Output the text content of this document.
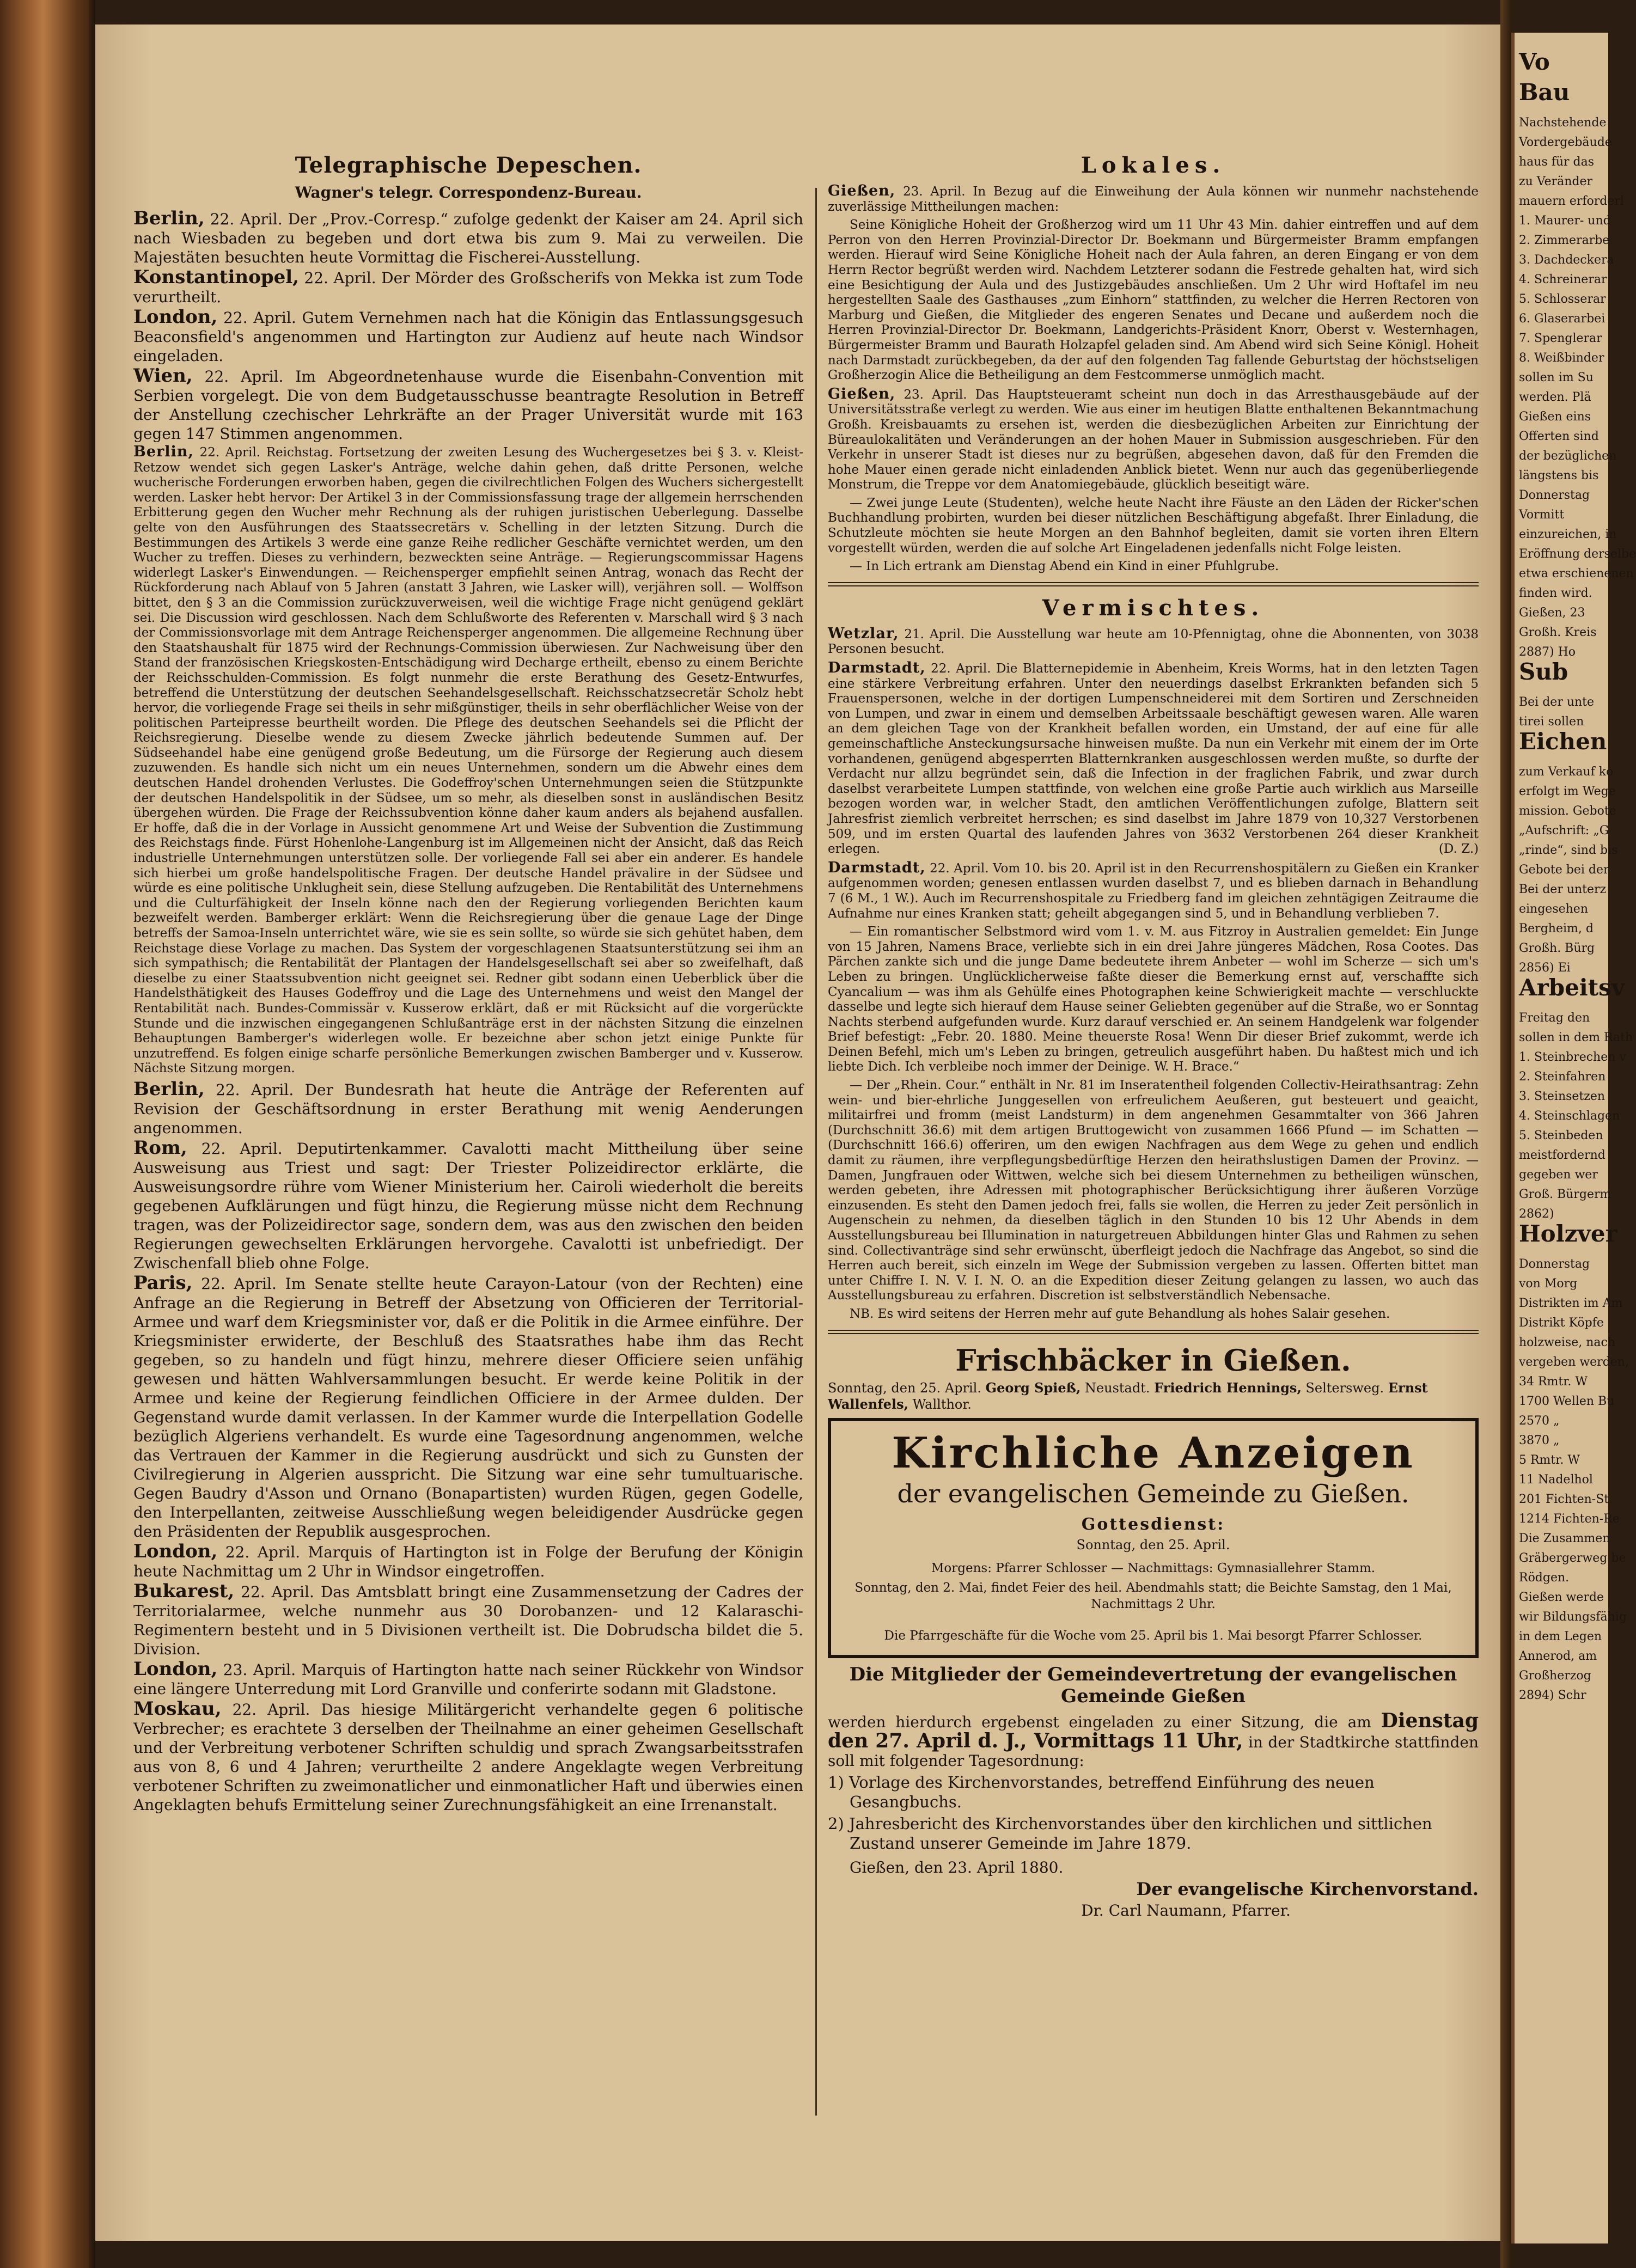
Telegraphische Depeschen.
Wagner's telegr. Correspondenz-Bureau.

Berlin, 22. April. Der „Prov.-Corresp.“ zufolge gedenkt der Kaiser am 24. April sich nach Wiesbaden zu begeben und dort etwa bis zum 9. Mai zu verweilen. Die Majestäten besuchten heute Vormittag die Fischerei-Ausstellung.

Konstantinopel, 22. April. Der Mörder des Großscherifs von Mekka ist zum Tode verurtheilt.

London, 22. April. Gutem Vernehmen nach hat die Königin das Entlassungsgesuch Beaconsfield's angenommen und Hartington zur Audienz auf heute nach Windsor eingeladen.

Wien, 22. April. Im Abgeordnetenhause wurde die Eisenbahn-Convention mit Serbien vorgelegt. Die von dem Budgetausschusse beantragte Resolution in Betreff der Anstellung czechischer Lehrkräfte an der Prager Universität wurde mit 163 gegen 147 Stimmen angenommen.

Berlin, 22. April. Reichstag. Fortsetzung der zweiten Lesung des Wuchergesetzes bei § 3. v. Kleist-Retzow wendet sich gegen Lasker's Anträge, welche dahin gehen, daß dritte Personen, welche wucherische Forderungen erworben haben, gegen die civilrechtlichen Folgen des Wuchers sichergestellt werden. Lasker hebt hervor: Der Artikel 3 in der Commissionsfassung trage der allgemein herrschenden Erbitterung gegen den Wucher mehr Rechnung als der ruhigen juristischen Ueberlegung. Dasselbe gelte von den Ausführungen des Staatssecretärs v. Schelling in der letzten Sitzung. Durch die Bestimmungen des Artikels 3 werde eine ganze Reihe redlicher Geschäfte vernichtet werden, um den Wucher zu treffen. Dieses zu verhindern, bezweckten seine Anträge. — Regierungscommissar Hagens widerlegt Lasker's Einwendungen. — Reichensperger empfiehlt seinen Antrag, wonach das Recht der Rückforderung nach Ablauf von 5 Jahren (anstatt 3 Jahren, wie Lasker will), verjähren soll. — Wolffson bittet, den § 3 an die Commission zurückzuverweisen, weil die wichtige Frage nicht genügend geklärt sei. Die Discussion wird geschlossen. Nach dem Schlußworte des Referenten v. Marschall wird § 3 nach der Commissionsvorlage mit dem Antrage Reichensperger angenommen. Die allgemeine Rechnung über den Staatshaushalt für 1875 wird der Rechnungs-Commission überwiesen. Zur Nachweisung über den Stand der französischen Kriegskosten-Entschädigung wird Decharge ertheilt, ebenso zu einem Berichte der Reichsschulden-Commission. Es folgt nunmehr die erste Berathung des Gesetz-Entwurfes, betreffend die Unterstützung der deutschen Seehandelsgesellschaft. Reichsschatzsecretär Scholz hebt hervor, die vorliegende Frage sei theils in sehr mißgünstiger, theils in sehr oberflächlicher Weise von der politischen Parteipresse beurtheilt worden. Die Pflege des deutschen Seehandels sei die Pflicht der Reichsregierung. Dieselbe wende zu diesem Zwecke jährlich bedeutende Summen auf. Der Südseehandel habe eine genügend große Bedeutung, um die Fürsorge der Regierung auch diesem zuzuwenden. Es handle sich nicht um ein neues Unternehmen, sondern um die Abwehr eines dem deutschen Handel drohenden Verlustes. Die Godeffroy'schen Unternehmungen seien die Stützpunkte der deutschen Handelspolitik in der Südsee, um so mehr, als dieselben sonst in ausländischen Besitz übergehen würden. Die Frage der Reichssubvention könne daher kaum anders als bejahend ausfallen. Er hoffe, daß die in der Vorlage in Aussicht genommene Art und Weise der Subvention die Zustimmung des Reichstags finde. Fürst Hohenlohe-Langenburg ist im Allgemeinen nicht der Ansicht, daß das Reich industrielle Unternehmungen unterstützen solle. Der vorliegende Fall sei aber ein anderer. Es handele sich hierbei um große handelspolitische Fragen. Der deutsche Handel prävalire in der Südsee und würde es eine politische Unklugheit sein, diese Stellung aufzugeben. Die Rentabilität des Unternehmens und die Culturfähigkeit der Inseln könne nach den der Regierung vorliegenden Berichten kaum bezweifelt werden. Bamberger erklärt: Wenn die Reichsregierung über die genaue Lage der Dinge betreffs der Samoa-Inseln unterrichtet wäre, wie sie es sein sollte, so würde sie sich gehütet haben, dem Reichstage diese Vorlage zu machen. Das System der vorgeschlagenen Staatsunterstützung sei ihm an sich sympathisch; die Rentabilität der Plantagen der Handelsgesellschaft sei aber so zweifelhaft, daß dieselbe zu einer Staatssubvention nicht geeignet sei. Redner gibt sodann einen Ueberblick über die Handelsthätigkeit des Hauses Godeffroy und die Lage des Unternehmens und weist den Mangel der Rentabilität nach. Bundes-Commissär v. Kusserow erklärt, daß er mit Rücksicht auf die vorgerückte Stunde und die inzwischen eingegangenen Schlußanträge erst in der nächsten Sitzung die einzelnen Behauptungen Bamberger's widerlegen wolle. Er bezeichne aber schon jetzt einige Punkte für unzutreffend. Es folgen einige scharfe persönliche Bemerkungen zwischen Bamberger und v. Kusserow. Nächste Sitzung morgen.

Berlin, 22. April. Der Bundesrath hat heute die Anträge der Referenten auf Revision der Geschäftsordnung in erster Berathung mit wenig Aenderungen angenommen.

Rom, 22. April. Deputirtenkammer. Cavalotti macht Mittheilung über seine Ausweisung aus Triest und sagt: Der Triester Polizeidirector erklärte, die Ausweisungsordre rühre vom Wiener Ministerium her. Cairoli wiederholt die bereits gegebenen Aufklärungen und fügt hinzu, die Regierung müsse nicht dem Rechnung tragen, was der Polizeidirector sage, sondern dem, was aus den zwischen den beiden Regierungen gewechselten Erklärungen hervorgehe. Cavalotti ist unbefriedigt. Der Zwischenfall blieb ohne Folge.

Paris, 22. April. Im Senate stellte heute Carayon-Latour (von der Rechten) eine Anfrage an die Regierung in Betreff der Absetzung von Officieren der Territorial-Armee und warf dem Kriegsminister vor, daß er die Politik in die Armee einführe. Der Kriegsminister erwiderte, der Beschluß des Staatsrathes habe ihm das Recht gegeben, so zu handeln und fügt hinzu, mehrere dieser Officiere seien unfähig gewesen und hätten Wahlversammlungen besucht. Er werde keine Politik in der Armee und keine der Regierung feindlichen Officiere in der Armee dulden. Der Gegenstand wurde damit verlassen. In der Kammer wurde die Interpellation Godelle bezüglich Algeriens verhandelt. Es wurde eine Tagesordnung angenommen, welche das Vertrauen der Kammer in die Regierung ausdrückt und sich zu Gunsten der Civilregierung in Algerien ausspricht. Die Sitzung war eine sehr tumultuarische. Gegen Baudry d'Asson und Ornano (Bonapartisten) wurden Rügen, gegen Godelle, den Interpellanten, zeitweise Ausschließung wegen beleidigender Ausdrücke gegen den Präsidenten der Republik ausgesprochen.

London, 22. April. Marquis of Hartington ist in Folge der Berufung der Königin heute Nachmittag um 2 Uhr in Windsor eingetroffen.

Bukarest, 22. April. Das Amtsblatt bringt eine Zusammensetzung der Cadres der Territorialarmee, welche nunmehr aus 30 Dorobanzen- und 12 Kalaraschi-Regimentern besteht und in 5 Divisionen vertheilt ist. Die Dobrudscha bildet die 5. Division.

London, 23. April. Marquis of Hartington hatte nach seiner Rückkehr von Windsor eine längere Unterredung mit Lord Granville und conferirte sodann mit Gladstone.

Moskau, 22. April. Das hiesige Militärgericht verhandelte gegen 6 politische Verbrecher; es erachtete 3 derselben der Theilnahme an einer geheimen Gesellschaft und der Verbreitung verbotener Schriften schuldig und sprach Zwangsarbeitsstrafen aus von 8, 6 und 4 Jahren; verurtheilte 2 andere Angeklagte wegen Verbreitung verbotener Schriften zu zweimonatlicher und einmonatlicher Haft und überwies einen Angeklagten behufs Ermittelung seiner Zurechnungsfähigkeit an eine Irrenanstalt.

Lokales.

Gießen, 23. April. In Bezug auf die Einweihung der Aula können wir nunmehr nachstehende zuverlässige Mittheilungen machen:

Seine Königliche Hoheit der Großherzog wird um 11 Uhr 43 Min. dahier eintreffen und auf dem Perron von den Herren Provinzial-Director Dr. Boekmann und Bürgermeister Bramm empfangen werden. Hierauf wird Seine Königliche Hoheit nach der Aula fahren, an deren Eingang er von dem Herrn Rector begrüßt werden wird. Nachdem Letzterer sodann die Festrede gehalten hat, wird sich eine Besichtigung der Aula und des Justizgebäudes anschließen. Um 2 Uhr wird Hoftafel im neu hergestellten Saale des Gasthauses „zum Einhorn“ stattfinden, zu welcher die Herren Rectoren von Marburg und Gießen, die Mitglieder des engeren Senates und Decane und außerdem noch die Herren Provinzial-Director Dr. Boekmann, Landgerichts-Präsident Knorr, Oberst v. Westernhagen, Bürgermeister Bramm und Baurath Holzapfel geladen sind. Am Abend wird sich Seine Königl. Hoheit nach Darmstadt zurückbegeben, da der auf den folgenden Tag fallende Geburtstag der höchstseligen Großherzogin Alice die Betheiligung an dem Festcommerse unmöglich macht.

Gießen, 23. April. Das Hauptsteueramt scheint nun doch in das Arresthausgebäude auf der Universitätsstraße verlegt zu werden. Wie aus einer im heutigen Blatte enthaltenen Bekanntmachung Großh. Kreisbauamts zu ersehen ist, werden die diesbezüglichen Arbeiten zur Einrichtung der Büreaulokalitäten und Veränderungen an der hohen Mauer in Submission ausgeschrieben. Für den Verkehr in unserer Stadt ist dieses nur zu begrüßen, abgesehen davon, daß für den Fremden die hohe Mauer einen gerade nicht einladenden Anblick bietet. Wenn nur auch das gegenüberliegende Monstrum, die Treppe vor dem Anatomiegebäude, glücklich beseitigt wäre.

— Zwei junge Leute (Studenten), welche heute Nacht ihre Fäuste an den Läden der Ricker'schen Buchhandlung probirten, wurden bei dieser nützlichen Beschäftigung abgefaßt. Ihrer Einladung, die Schutzleute möchten sie heute Morgen an den Bahnhof begleiten, damit sie vorten ihren Eltern vorgestellt würden, werden die auf solche Art Eingeladenen jedenfalls nicht Folge leisten.

— In Lich ertrank am Dienstag Abend ein Kind in einer Pfuhlgrube.

Vermischtes.

Wetzlar, 21. April. Die Ausstellung war heute am 10-Pfennigtag, ohne die Abonnenten, von 3038 Personen besucht.

Darmstadt, 22. April. Die Blatternepidemie in Abenheim, Kreis Worms, hat in den letzten Tagen eine stärkere Verbreitung erfahren. Unter den neuerdings daselbst Erkrankten befanden sich 5 Frauenspersonen, welche in der dortigen Lumpenschneiderei mit dem Sortiren und Zerschneiden von Lumpen, und zwar in einem und demselben Arbeitssaale beschäftigt gewesen waren. Alle waren an dem gleichen Tage von der Krankheit befallen worden, ein Umstand, der auf eine für alle gemeinschaftliche Ansteckungsursache hinweisen mußte. Da nun ein Verkehr mit einem der im Orte vorhandenen, genügend abgesperrten Blatternkranken ausgeschlossen werden mußte, so durfte der Verdacht nur allzu begründet sein, daß die Infection in der fraglichen Fabrik, und zwar durch daselbst verarbeitete Lumpen stattfinde, von welchen eine große Partie auch wirklich aus Marseille bezogen worden war, in welcher Stadt, den amtlichen Veröffentlichungen zufolge, Blattern seit Jahresfrist ziemlich verbreitet herrschen; es sind daselbst im Jahre 1879 von 10,327 Verstorbenen 509, und im ersten Quartal des laufenden Jahres von 3632 Verstorbenen 264 dieser Krankheit erlegen.	(D. Z.)

Darmstadt, 22. April. Vom 10. bis 20. April ist in den Recurrenshospitälern zu Gießen ein Kranker aufgenommen worden; genesen entlassen wurden daselbst 7, und es blieben darnach in Behandlung 7 (6 M., 1 W.). Auch im Recurrenshospitale zu Friedberg fand im gleichen zehntägigen Zeitraume die Aufnahme nur eines Kranken statt; geheilt abgegangen sind 5, und in Behandlung verblieben 7.

— Ein romantischer Selbstmord wird vom 1. v. M. aus Fitzroy in Australien gemeldet: Ein Junge von 15 Jahren, Namens Brace, verliebte sich in ein drei Jahre jüngeres Mädchen, Rosa Cootes. Das Pärchen zankte sich und die junge Dame bedeutete ihrem Anbeter — wohl im Scherze — sich um's Leben zu bringen. Unglücklicherweise faßte dieser die Bemerkung ernst auf, verschaffte sich Cyancalium — was ihm als Gehülfe eines Photographen keine Schwierigkeit machte — verschluckte dasselbe und legte sich hierauf dem Hause seiner Geliebten gegenüber auf die Straße, wo er Sonntag Nachts sterbend aufgefunden wurde. Kurz darauf verschied er. An seinem Handgelenk war folgender Brief befestigt: „Febr. 20. 1880. Meine theuerste Rosa! Wenn Dir dieser Brief zukommt, werde ich Deinen Befehl, mich um's Leben zu bringen, getreulich ausgeführt haben. Du haßtest mich und ich liebte Dich. Ich verbleibe noch immer der Deinige. W. H. Brace.“

— Der „Rhein. Cour.“ enthält in Nr. 81 im Inseratentheil folgenden Collectiv-Heirathsantrag: Zehn wein- und bier-ehrliche Junggesellen von erfreulichem Aeußeren, gut besteuert und geaicht, militairfrei und fromm (meist Landsturm) in dem angenehmen Gesammtalter von 366 Jahren (Durchschnitt 36.6) mit dem artigen Bruttogewicht von zusammen 1666 Pfund — im Schatten — (Durchschnitt 166.6) offeriren, um den ewigen Nachfragen aus dem Wege zu gehen und endlich damit zu räumen, ihre verpflegungsbedürftige Herzen den heirathslustigen Damen der Provinz. — Damen, Jungfrauen oder Wittwen, welche sich bei diesem Unternehmen zu betheiligen wünschen, werden gebeten, ihre Adressen mit photographischer Berücksichtigung ihrer äußeren Vorzüge einzusenden. Es steht den Damen jedoch frei, falls sie wollen, die Herren zu jeder Zeit persönlich in Augenschein zu nehmen, da dieselben täglich in den Stunden 10 bis 12 Uhr Abends in dem Ausstellungsbureau bei Illumination in naturgetreuen Abbildungen hinter Glas und Rahmen zu sehen sind. Collectivanträge sind sehr erwünscht, überfleigt jedoch die Nachfrage das Angebot, so sind die Herren auch bereit, sich einzeln im Wege der Submission vergeben zu lassen. Offerten bittet man unter Chiffre I. N. V. I. N. O. an die Expedition dieser Zeitung gelangen zu lassen, wo auch das Ausstellungsbureau zu erfahren. Discretion ist selbstverständlich Nebensache.

NB. Es wird seitens der Herren mehr auf gute Behandlung als hohes Salair gesehen.

Frischbäcker in Gießen.

Sonntag, den 25. April. Georg Spieß, Neustadt. Friedrich Hennings, Seltersweg. Ernst Wallenfels, Wallthor.

Kirchliche Anzeigen
der evangelischen Gemeinde zu Gießen.
Gottesdienst:
Sonntag, den 25. April.
Morgens: Pfarrer Schlosser — Nachmittags: Gymnasiallehrer Stamm.
Sonntag, den 2. Mai, findet Feier des heil. Abendmahls statt; die Beichte Samstag, den 1 Mai, Nachmittags 2 Uhr.
Die Pfarrgeschäfte für die Woche vom 25. April bis 1. Mai besorgt Pfarrer Schlosser.
Die Mitglieder der Gemeindevertretung der evangelischen Gemeinde Gießen

werden hierdurch ergebenst eingeladen zu einer Sitzung, die am Dienstag den 27. April d. J., Vormittags 11 Uhr, in der Stadtkirche stattfinden soll mit folgender Tagesordnung:

1) Vorlage des Kirchenvorstandes, betreffend Einführung des neuen Gesangbuchs.

2) Jahresbericht des Kirchenvorstandes über den kirchlichen und sittlichen Zustand unserer Gemeinde im Jahre 1879.

Gießen, den 23. April 1880.
Der evangelische Kirchenvorstand.
Dr. Carl Naumann, Pfarrer.
Vo
Bau
Nachstehende
Vordergebäude
haus für das
zu Veränder
mauern erforderl
1. Maurer- und
2. Zimmerarbe
3. Dachdeckera
4. Schreinerar
5. Schlosserar
6. Glaserarbei
7. Spenglerar
8. Weißbinder
sollen im Su
werden. Plä
Gießen eins
Offerten sind
der bezüglichen
längstens bis
Donnerstag
Vormitt
einzureichen, in
Eröffnung derselbe
etwa erschienenen
finden wird.
Gießen, 23
Großh. Kreis
2887) Ho
Sub
Bei der unte
tirei sollen
Eichen
zum Verkauf ko
erfolgt im Wege
mission. Gebote
„Aufschrift: „G
„rinde“, sind bis
Gebote bei der
Bei der unterz
eingesehen
Bergheim, d
Großh. Bürg
2856) Ei
Arbeitsv
Freitag den
sollen in dem Rath
1. Steinbrechen v
2. Steinfahren
3. Steinsetzen
4. Steinschlagen
5. Steinbeden
meistfordernd
gegeben wer
Groß. Bürgerm
2862)
Holzver
Donnerstag
von Morg
Distrikten im Am
Distrikt Köpfe
holzweise, nach
vergeben werden,
34 Rmtr. W
1700 Wellen Bu
2570 „
3870 „
5 Rmtr. W
11 Nadelhol
201 Fichten-St
1214 Fichten-Re
Die Zusammen
Gräbergerweg be
Rödgen.
Gießen werde
wir Bildungsfähig
in dem Legen
Annerod, am
Großherzog
2894) Schr
